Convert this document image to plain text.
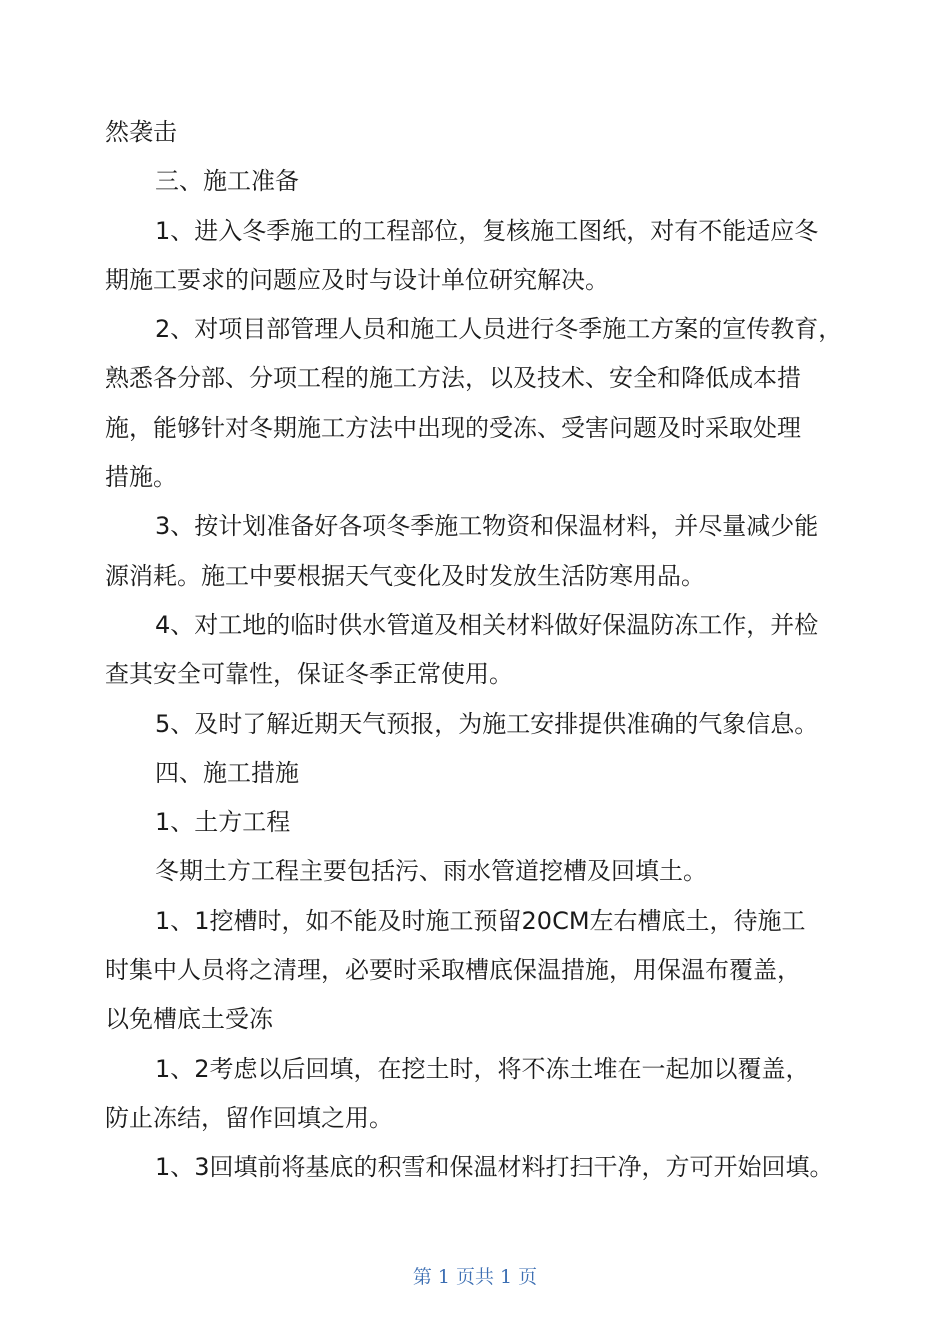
然袭击
三、施工准备
1、进入冬季施工的工程部位，复核施工图纸，对有不能适应冬
期施工要求的问题应及时与设计单位研究解决。
2、对项目部管理人员和施工人员进行冬季施工方案的宣传教育，
熟悉各分部、分项工程的施工方法，以及技术、安全和降低成本措
施，能够针对冬期施工方法中出现的受冻、受害问题及时采取处理
措施。
3、按计划准备好各项冬季施工物资和保温材料，并尽量减少能
源消耗。施工中要根据天气变化及时发放生活防寒用品。
4、对工地的临时供水管道及相关材料做好保温防冻工作，并检
查其安全可靠性，保证冬季正常使用。
5、及时了解近期天气预报，为施工安排提供准确的气象信息。
四、施工措施
1、土方工程
冬期土方工程主要包括污、雨水管道挖槽及回填土。
1、1挖槽时，如不能及时施工预留20CM左右槽底土，待施工
时集中人员将之清理，必要时采取槽底保温措施，用保温布覆盖，
以免槽底土受冻
1、2考虑以后回填，在挖土时，将不冻土堆在一起加以覆盖，
防止冻结，留作回填之用。
1、3回填前将基底的积雪和保温材料打扫干净，方可开始回填。
第 1 页共 1 页
